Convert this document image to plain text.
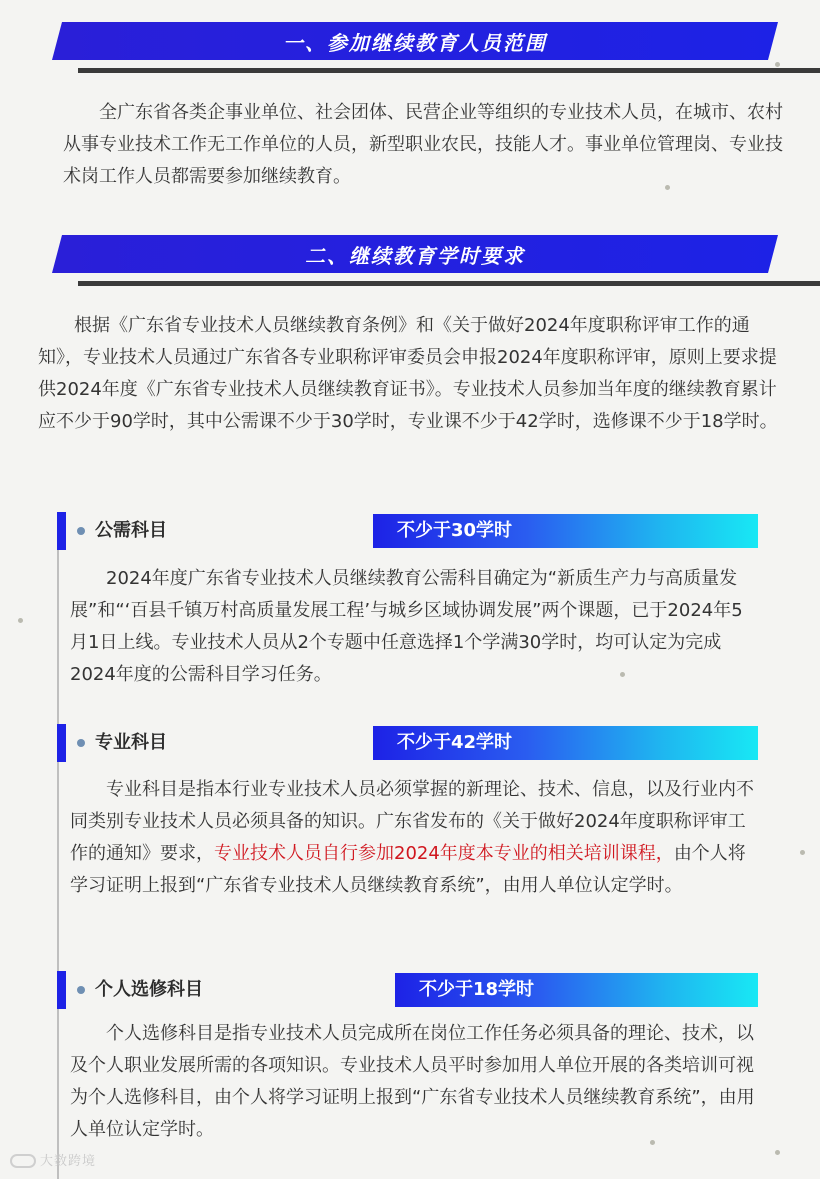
一、参加继续教育人员范围

全广东省各类企事业单位、社会团体、民营企业等组织的专业技术人员，在城市、农村从事专业技术工作无工作单位的人员，新型职业农民，技能人才。事业单位管理岗、专业技术岗工作人员都需要参加继续教育。

二、继续教育学时要求

根据《广东省专业技术人员继续教育条例》和《关于做好2024年度职称评审工作的通知》，专业技术人员通过广东省各专业职称评审委员会申报2024年度职称评审，原则上要求提供2024年度《广东省专业技术人员继续教育证书》。专业技术人员参加当年度的继续教育累计应不少于90学时，其中公需课不少于30学时，专业课不少于42学时，选修课不少于18学时。

公需科目	不少于30学时

2024年度广东省专业技术人员继续教育公需科目确定为“新质生产力与高质量发展”和“‘百县千镇万村高质量发展工程’与城乡区域协调发展”两个课题，已于2024年5月1日上线。专业技术人员从2个专题中任意选择1个学满30学时，均可认定为完成2024年度的公需科目学习任务。

专业科目	不少于42学时

专业科目是指本行业专业技术人员必须掌握的新理论、技术、信息，以及行业内不同类别专业技术人员必须具备的知识。广东省发布的《关于做好2024年度职称评审工作的通知》要求，专业技术人员自行参加2024年度本专业的相关培训课程，由个人将学习证明上报到“广东省专业技术人员继续教育系统”，由用人单位认定学时。

个人选修科目	不少于18学时

个人选修科目是指专业技术人员完成所在岗位工作任务必须具备的理论、技术，以及个人职业发展所需的各项知识。专业技术人员平时参加用人单位开展的各类培训可视为个人选修科目，由个人将学习证明上报到“广东省专业技术人员继续教育系统”，由用人单位认定学时。

大数跨境
